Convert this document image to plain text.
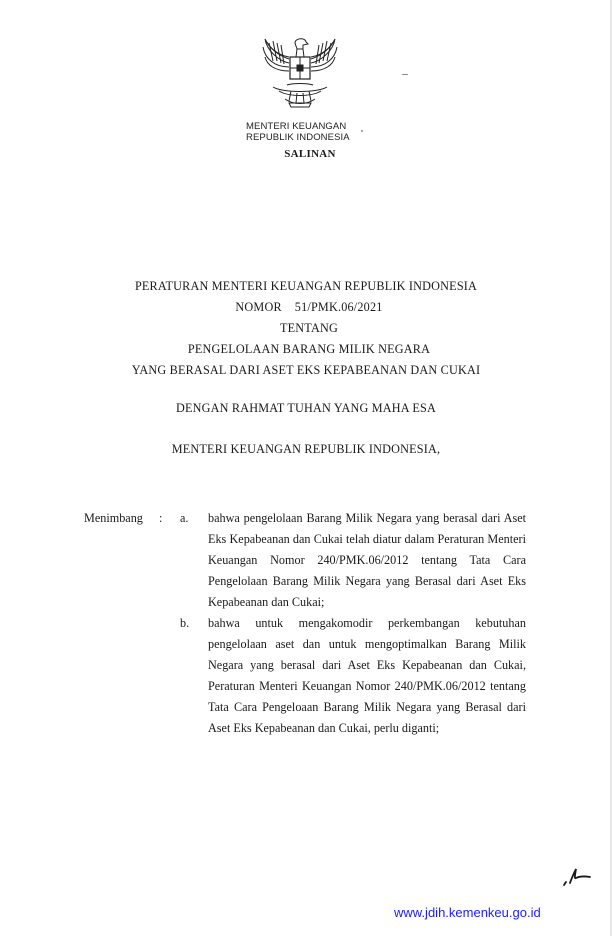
MENTERI KEUANGAN
REPUBLIK INDONESIA
SALINAN
PERATURAN MENTERI KEUANGAN REPUBLIK INDONESIA
NOMOR    51/PMK.06/2021
TENTANG
PENGELOLAAN BARANG MILIK NEGARA
YANG BERASAL DARI ASET EKS KEPABEANAN DAN CUKAI
DENGAN RAHMAT TUHAN YANG MAHA ESA
MENTERI KEUANGAN REPUBLIK INDONESIA,
Menimbang : a. bahwa pengelolaan Barang Milik Negara yang berasal dari Aset Eks Kepabeanan dan Cukai telah diatur dalam Peraturan Menteri Keuangan Nomor 240/PMK.06/2012 tentang Tata Cara Pengelolaan Barang Milik Negara yang Berasal dari Aset Eks Kepabeanan dan Cukai;
b. bahwa untuk mengakomodir perkembangan kebutuhan pengelolaan aset dan untuk mengoptimalkan Barang Milik Negara yang berasal dari Aset Eks Kepabeanan dan Cukai, Peraturan Menteri Keuangan Nomor 240/PMK.06/2012 tentang Tata Cara Pengeloaan Barang Milik Negara yang Berasal dari Aset Eks Kepabeanan dan Cukai, perlu diganti;
www.jdih.kemenkeu.go.id
